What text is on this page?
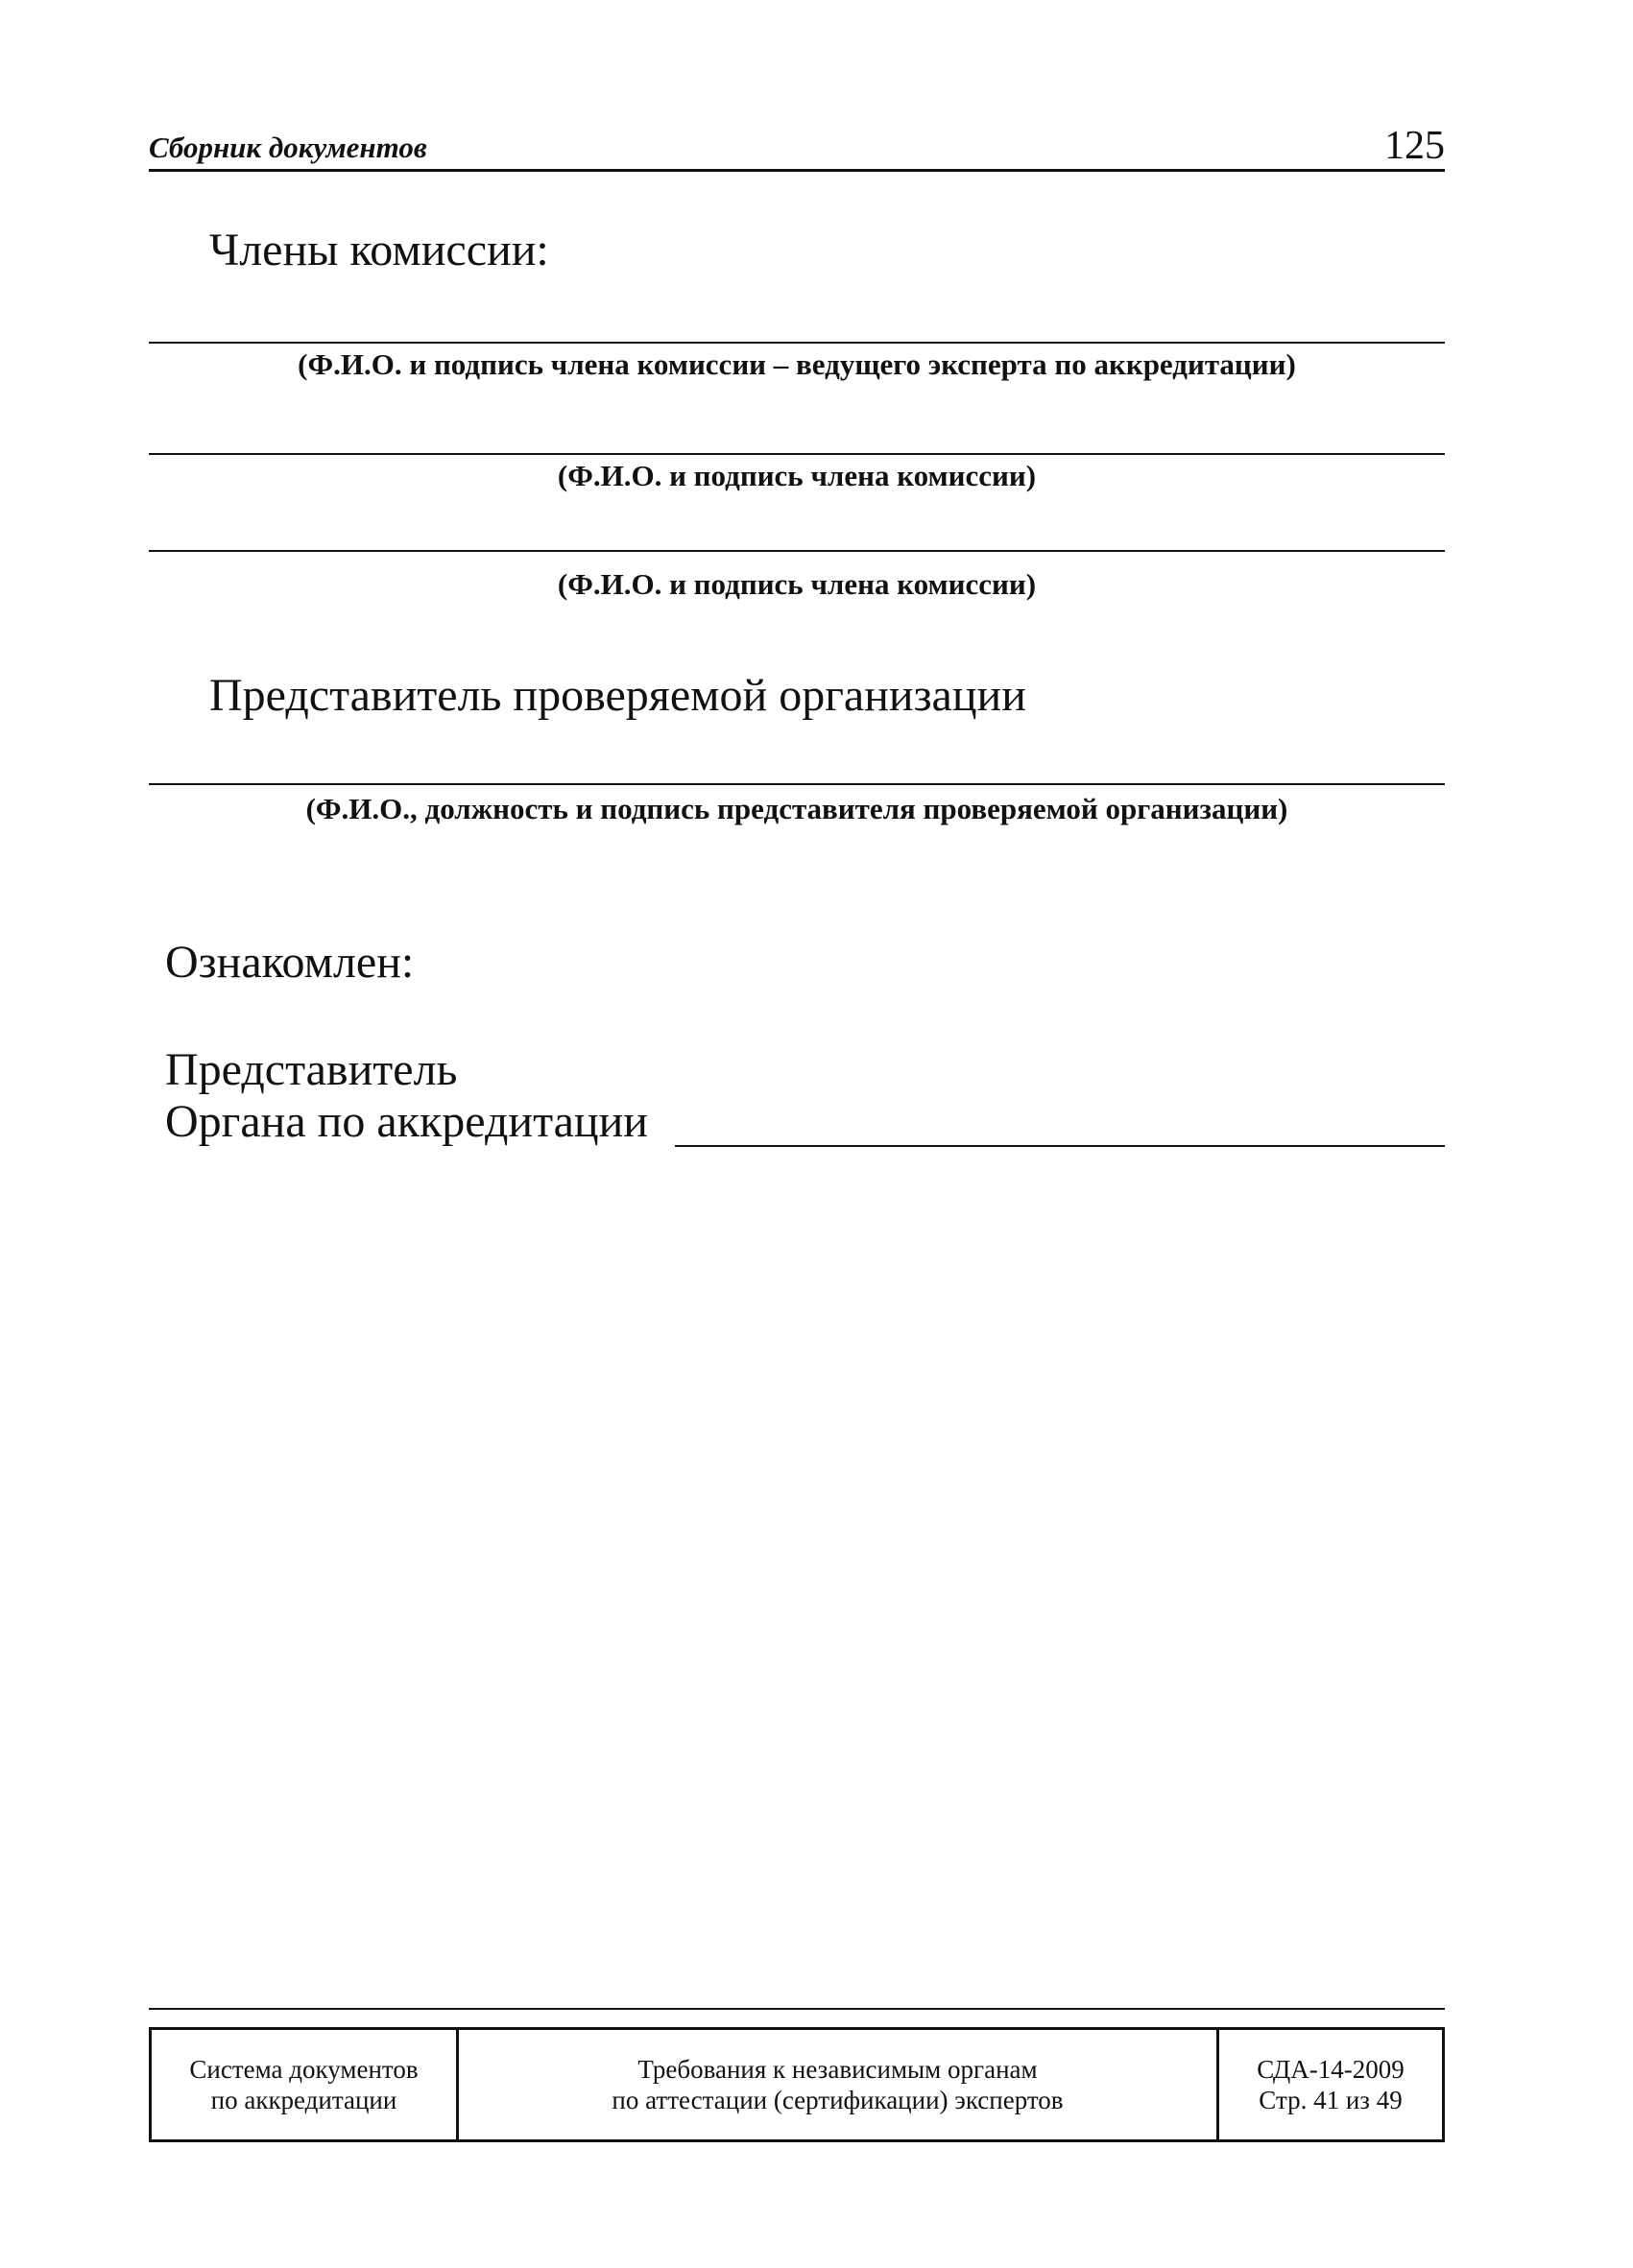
Сборник документов	125
Члены комиссии:
(Ф.И.О. и подпись члена комиссии – ведущего эксперта по аккредитации)
(Ф.И.О. и подпись члена комиссии)
(Ф.И.О. и подпись члена комиссии)
Представитель проверяемой организации
(Ф.И.О., должность и подпись представителя проверяемой организации)
Ознакомлен:
Представитель
Органа по аккредитации
Система документов
по аккредитации
Требования к независимым органам
по аттестации (сертификации) экспертов
СДА-14-2009
Стр. 41 из 49
